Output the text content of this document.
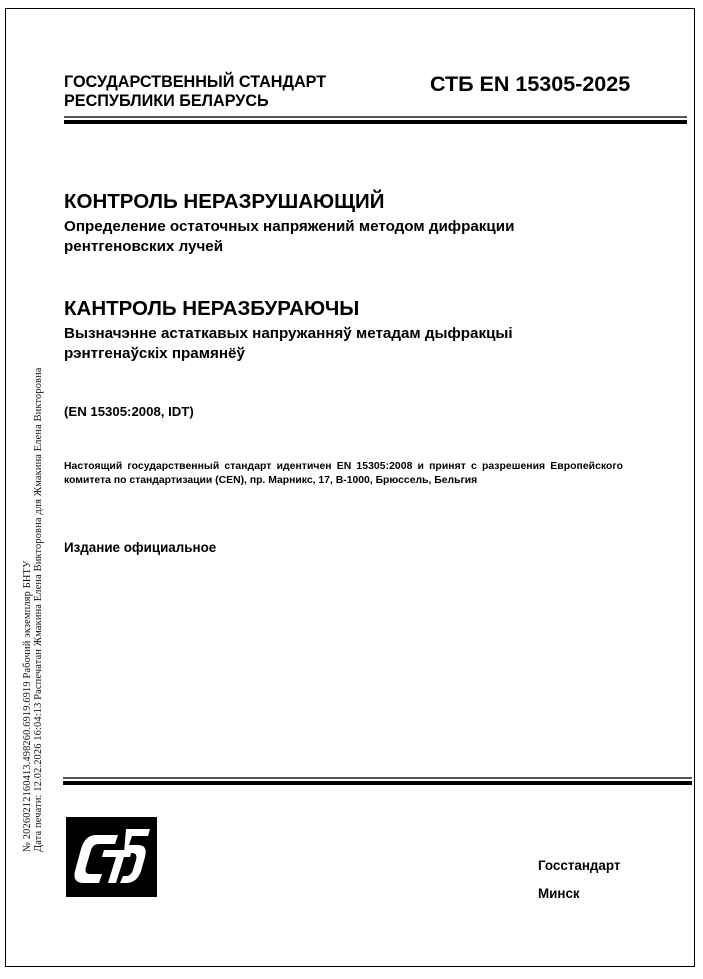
ГОСУДАРСТВЕННЫЙ СТАНДАРТ
РЕСПУБЛИКИ БЕЛАРУСЬ
СТБ EN 15305-2025
КОНТРОЛЬ НЕРАЗРУШАЮЩИЙ
Определение остаточных напряжений методом дифракции
рентгеновских лучей
КАНТРОЛЬ НЕРАЗБУРАЮЧЫ
Вызначэнне астаткавых напружанняў метадам дыфракцыі
рэнтгенаўскіх прамянёў
(EN 15305:2008, IDT)
Настоящий государственный стандарт идентичен EN 15305:2008 и принят с разрешения Европейского
комитета по стандартизации (CEN), пр. Марникс, 17, B-1000, Брюссель, Бельгия
Издание официальное
№ 20260212160413.498260.6919.6919 Рабочий экземпляр БНТУ Дата печати: 12.02.2026 16:04:13 Распечатан Жмакина Елена Викторовна для Жмакина Елена Викторовна
Госстандарт
Минск
